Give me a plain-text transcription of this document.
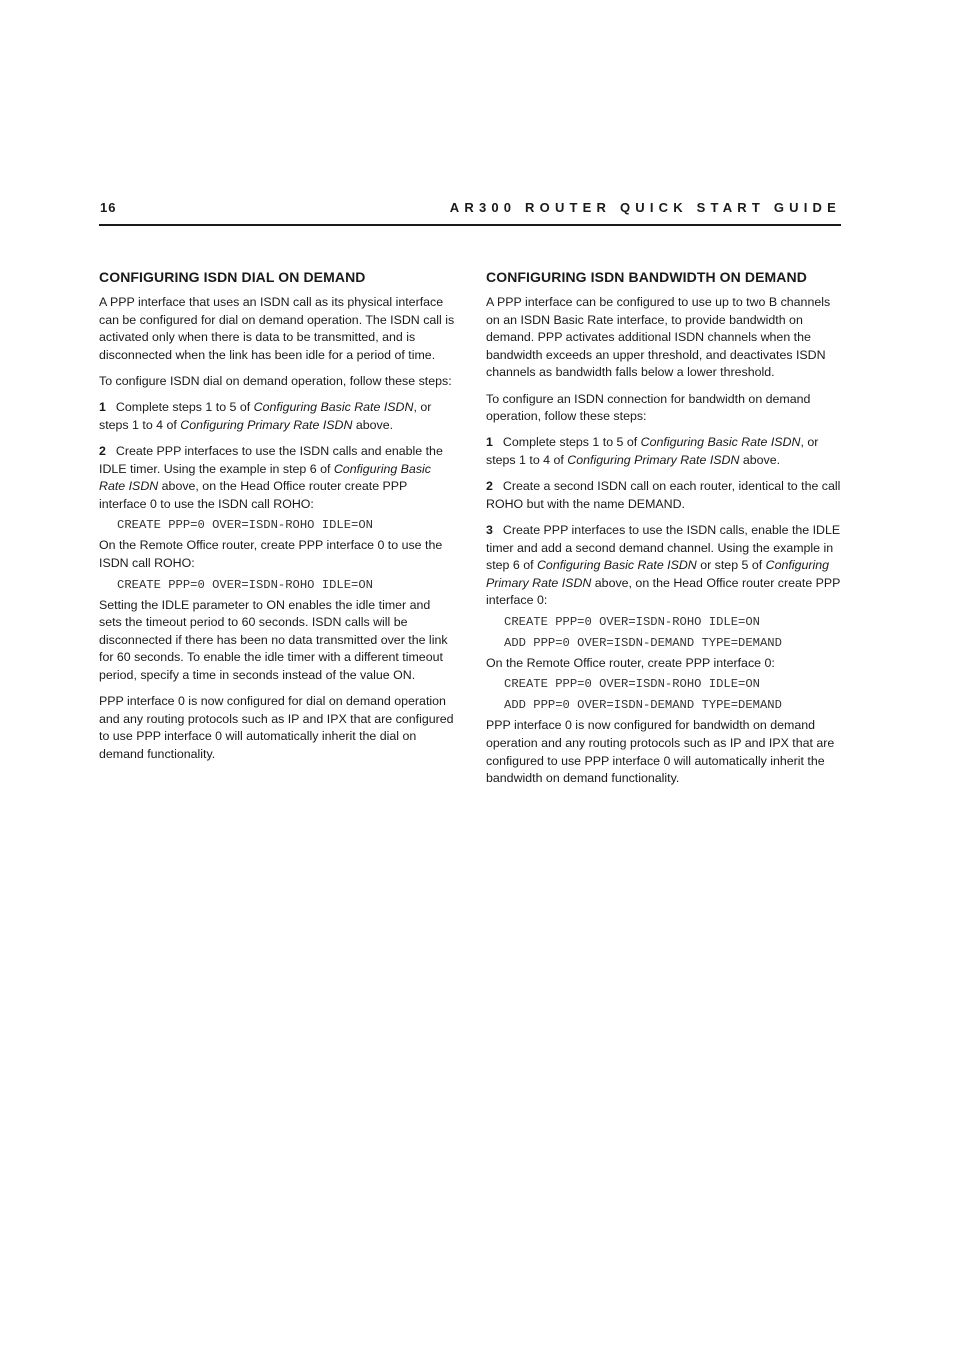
16	AR300 ROUTER QUICK START GUIDE
CONFIGURING ISDN DIAL ON DEMAND

A PPP interface that uses an ISDN call as its physical interface can be configured for dial on demand operation. The ISDN call is activated only when there is data to be transmitted, and is disconnected when the link has been idle for a period of time.

To configure ISDN dial on demand operation, follow these steps:

1 Complete steps 1 to 5 of Configuring Basic Rate ISDN, or steps 1 to 4 of Configuring Primary Rate ISDN above.

2 Create PPP interfaces to use the ISDN calls and enable the IDLE timer. Using the example in step 6 of Configuring Basic Rate ISDN above, on the Head Office router create PPP interface 0 to use the ISDN call ROHO:

CREATE PPP=0 OVER=ISDN-ROHO IDLE=ON

On the Remote Office router, create PPP interface 0 to use the ISDN call ROHO:

CREATE PPP=0 OVER=ISDN-ROHO IDLE=ON

Setting the IDLE parameter to ON enables the idle timer and sets the timeout period to 60 seconds. ISDN calls will be disconnected if there has been no data transmitted over the link for 60 seconds. To enable the idle timer with a different timeout period, specify a time in seconds instead of the value ON.

PPP interface 0 is now configured for dial on demand operation and any routing protocols such as IP and IPX that are configured to use PPP interface 0 will automatically inherit the dial on demand functionality.

CONFIGURING ISDN BANDWIDTH ON DEMAND

A PPP interface can be configured to use up to two B channels on an ISDN Basic Rate interface, to provide bandwidth on demand. PPP activates additional ISDN channels when the bandwidth exceeds an upper threshold, and deactivates ISDN channels as bandwidth falls below a lower threshold.

To configure an ISDN connection for bandwidth on demand operation, follow these steps:

1 Complete steps 1 to 5 of Configuring Basic Rate ISDN, or steps 1 to 4 of Configuring Primary Rate ISDN above.

2 Create a second ISDN call on each router, identical to the call ROHO but with the name DEMAND.

3 Create PPP interfaces to use the ISDN calls, enable the IDLE timer and add a second demand channel. Using the example in step 6 of Configuring Basic Rate ISDN or step 5 of Configuring Primary Rate ISDN above, on the Head Office router create PPP interface 0:

CREATE PPP=0 OVER=ISDN-ROHO IDLE=ON
ADD PPP=0 OVER=ISDN-DEMAND TYPE=DEMAND

On the Remote Office router, create PPP interface 0:

CREATE PPP=0 OVER=ISDN-ROHO IDLE=ON
ADD PPP=0 OVER=ISDN-DEMAND TYPE=DEMAND

PPP interface 0 is now configured for bandwidth on demand operation and any routing protocols such as IP and IPX that are configured to use PPP interface 0 will automatically inherit the bandwidth on demand functionality.
